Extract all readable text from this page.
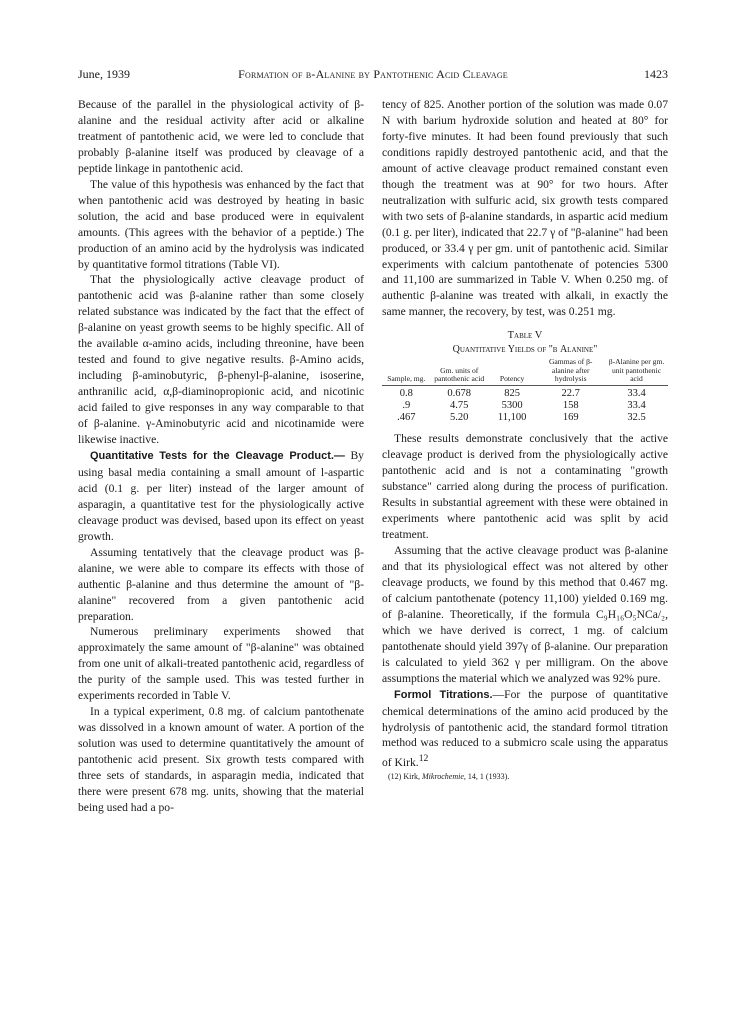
June, 1939	Formation of β-Alanine by Pantothenic Acid Cleavage	1423

Because of the parallel in the physiological activity of β-alanine and the residual activity after acid or alkaline treatment of pantothenic acid, we were led to conclude that probably β-alanine itself was produced by cleavage of a peptide linkage in pantothenic acid.

The value of this hypothesis was enhanced by the fact that when pantothenic acid was destroyed by heating in basic solution, the acid and base produced were in equivalent amounts. (This agrees with the behavior of a peptide.) The production of an amino acid by the hydrolysis was indicated by quantitative formol titrations (Table VI).

That the physiologically active cleavage product of pantothenic acid was β-alanine rather than some closely related substance was indicated by the fact that the effect of β-alanine on yeast growth seems to be highly specific. All of the available α-amino acids, including threonine, have been tested and found to give negative results. β-Amino acids, including β-aminobutyric, β-phenyl-β-alanine, isoserine, anthranilic acid, α,β-diaminopropionic acid, and nicotinic acid failed to give responses in any way comparable to that of β-alanine. γ-Aminobutyric acid and nicotinamide were likewise inactive.

Quantitative Tests for the Cleavage Product.— By using basal media containing a small amount of l-aspartic acid (0.1 g. per liter) instead of the larger amount of asparagin, a quantitative test for the physiologically active cleavage product was devised, based upon its effect on yeast growth.

Assuming tentatively that the cleavage product was β-alanine, we were able to compare its effects with those of authentic β-alanine and thus determine the amount of "β-alanine" recovered from a given pantothenic acid preparation.

Numerous preliminary experiments showed that approximately the same amount of "β-alanine" was obtained from one unit of alkali-treated pantothenic acid, regardless of the purity of the sample used. This was tested further in experiments recorded in Table V.

In a typical experiment, 0.8 mg. of calcium pantothenate was dissolved in a known amount of water. A portion of the solution was used to determine quantitatively the amount of pantothenic acid present. Six growth tests compared with three sets of standards, in asparagin media, indicated that there were present 678 mg. units, showing that the material being used had a po-

tency of 825. Another portion of the solution was made 0.07 N with barium hydroxide solution and heated at 80° for forty-five minutes. It had been found previously that such conditions rapidly destroyed pantothenic acid, and that the amount of active cleavage product remained constant even though the treatment was at 90° for two hours. After neutralization with sulfuric acid, six growth tests compared with two sets of β-alanine standards, in aspartic acid medium (0.1 g. per liter), indicated that 22.7 γ of "β-alanine" had been produced, or 33.4 γ per gm. unit of pantothenic acid. Similar experiments with calcium pantothenate of potencies 5300 and 11,100 are summarized in Table V. When 0.250 mg. of authentic β-alanine was treated with alkali, in exactly the same manner, the recovery, by test, was 0.251 mg.

Table V
Quantitative Yields of "β Alanine"
Sample, mg.	Gm. units of pantothenic acid	Potency	Gammas of β-alanine after hydrolysis	β-Alanine per gm. unit pantothenic acid
0.8	0.678	825	22.7	33.4
.9	4.75	5300	158	33.4
.467	5.20	11,100	169	32.5

These results demonstrate conclusively that the active cleavage product is derived from the physiologically active pantothenic acid and is not a contaminating "growth substance" carried along during the process of purification. Results in substantial agreement with these were obtained in experiments where pantothenic acid was split by acid treatment.

Assuming that the active cleavage product was β-alanine and that its physiological effect was not altered by other cleavage products, we found by this method that 0.467 mg. of calcium pantothenate (potency 11,100) yielded 0.169 mg. of β-alanine. Theoretically, if the formula C₉H₁₆O₅NCa/₂, which we have derived is correct, 1 mg. of calcium pantothenate should yield 397γ of β-alanine. Our preparation is calculated to yield 362 γ per milligram. On the above assumptions the material which we analyzed was 92% pure.

Formol Titrations.—For the purpose of quantitative chemical determinations of the amino acid produced by the hydrolysis of pantothenic acid, the standard formol titration method was reduced to a submicro scale using the apparatus of Kirk.$^{12}$

(12) Kirk, Mikrochemie, 14, 1 (1933).
